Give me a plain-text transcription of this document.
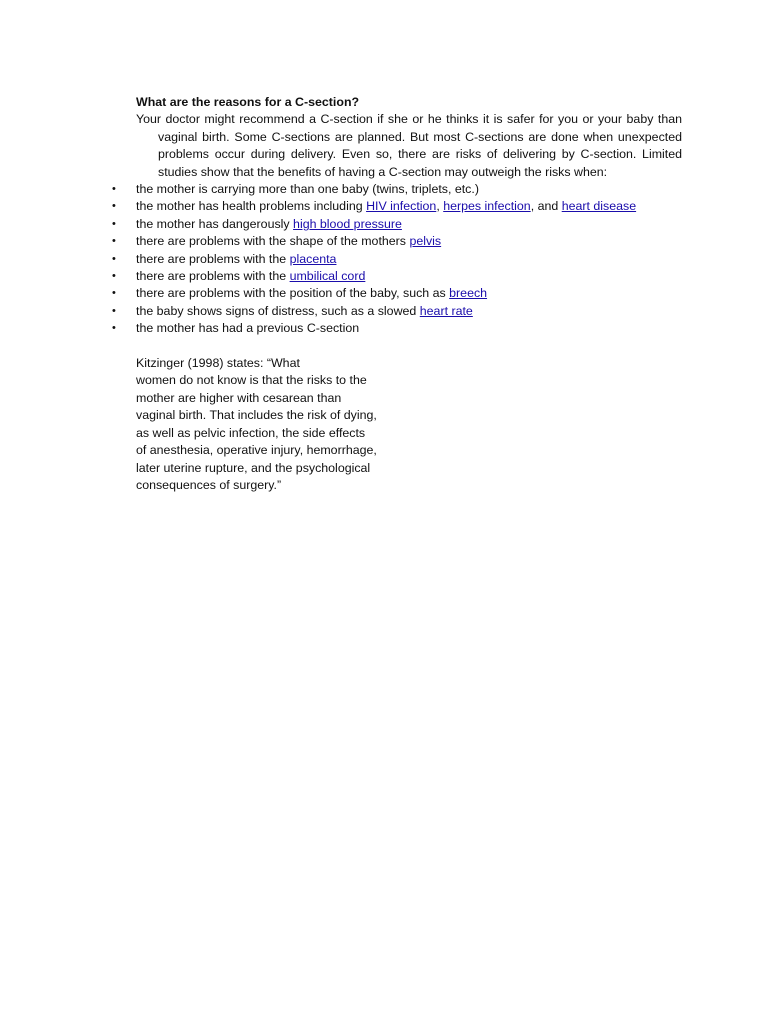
What are the reasons for a C-section?

Your doctor might recommend a C-section if she or he thinks it is safer for you or your baby than vaginal birth. Some C-sections are planned. But most C-sections are done when unexpected problems occur during delivery. Even so, there are risks of delivering by C-section. Limited studies show that the benefits of having a C-section may outweigh the risks when:

• the mother is carrying more than one baby (twins, triplets, etc.)
• the mother has health problems including HIV infection, herpes infection, and heart disease
• the mother has dangerously high blood pressure
• there are problems with the shape of the mothers pelvis
• there are problems with the placenta
• there are problems with the umbilical cord
• there are problems with the position of the baby, such as breech
• the baby shows signs of distress, such as a slowed heart rate
• the mother has had a previous C-section
Kitzinger (1998) states: “What
women do not know is that the risks to the
mother are higher with cesarean than
vaginal birth. That includes the risk of dying,
as well as pelvic infection, the side effects
of anesthesia, operative injury, hemorrhage,
later uterine rupture, and the psychological
consequences of surgery.”
